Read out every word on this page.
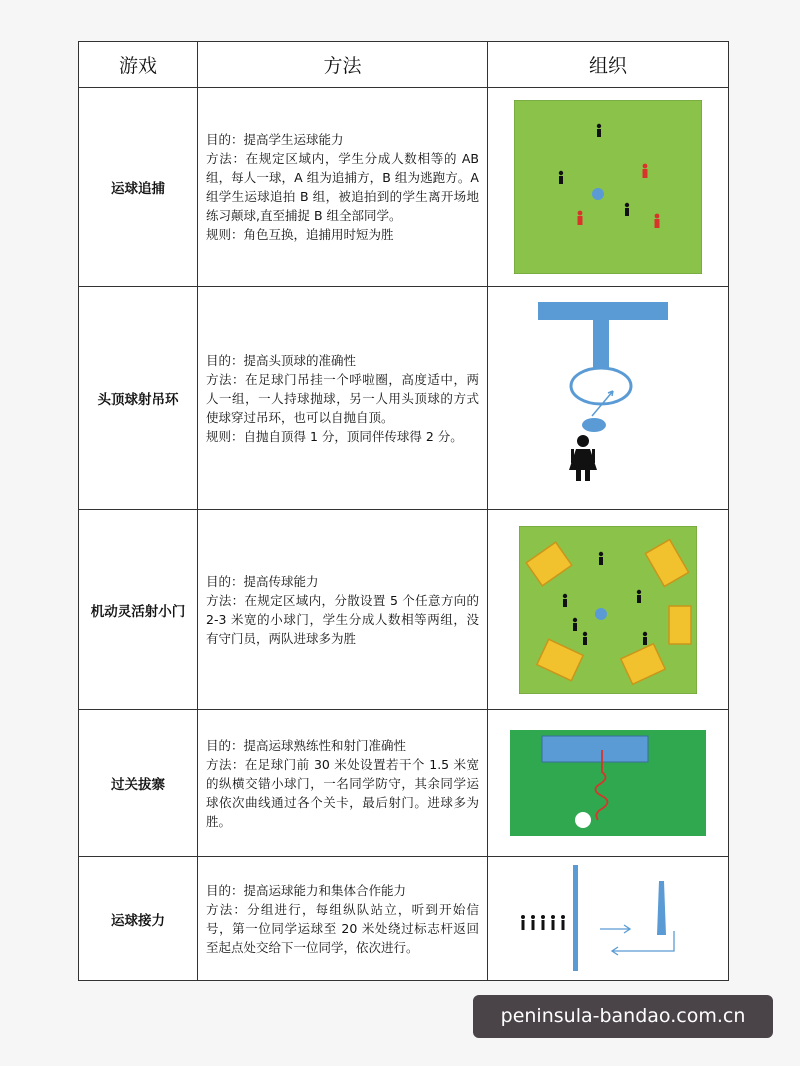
游戏	方法	组织
运球追捕	目的：提高学生运球能力

方法：在规定区域内，学生分成人数相等的 AB 组，每人一球，A 组为追捕方，B 组为逃跑方。A 组学生运球追拍 B 组，被追拍到的学生离开场地练习颠球,直至捕捉 B 组全部同学。

规则：角色互换，追捕用时短为胜

头顶球射吊环	目的：提高头顶球的准确性

方法：在足球门吊挂一个呼啦圈，高度适中，两人一组，一人持球抛球，另一人用头顶球的方式使球穿过吊环，也可以自抛自顶。

规则：自抛自顶得 1 分，顶同伴传球得 2 分。

机动灵活射小门	目的：提高传球能力

方法：在规定区域内，分散设置 5 个任意方向的 2-3 米宽的小球门，学生分成人数相等两组，没有守门员，两队进球多为胜

过关拔寨	目的：提高运球熟练性和射门准确性

方法：在足球门前 30 米处设置若干个 1.5 米宽的纵横交错小球门，一名同学防守，其余同学运球依次曲线通过各个关卡，最后射门。进球多为胜。

运球接力	目的：提高运球能力和集体合作能力

方法：分组进行，每组纵队站立，听到开始信号，第一位同学运球至 20 米处绕过标志杆返回至起点处交给下一位同学，依次进行。

peninsula-bandao.com.cn
